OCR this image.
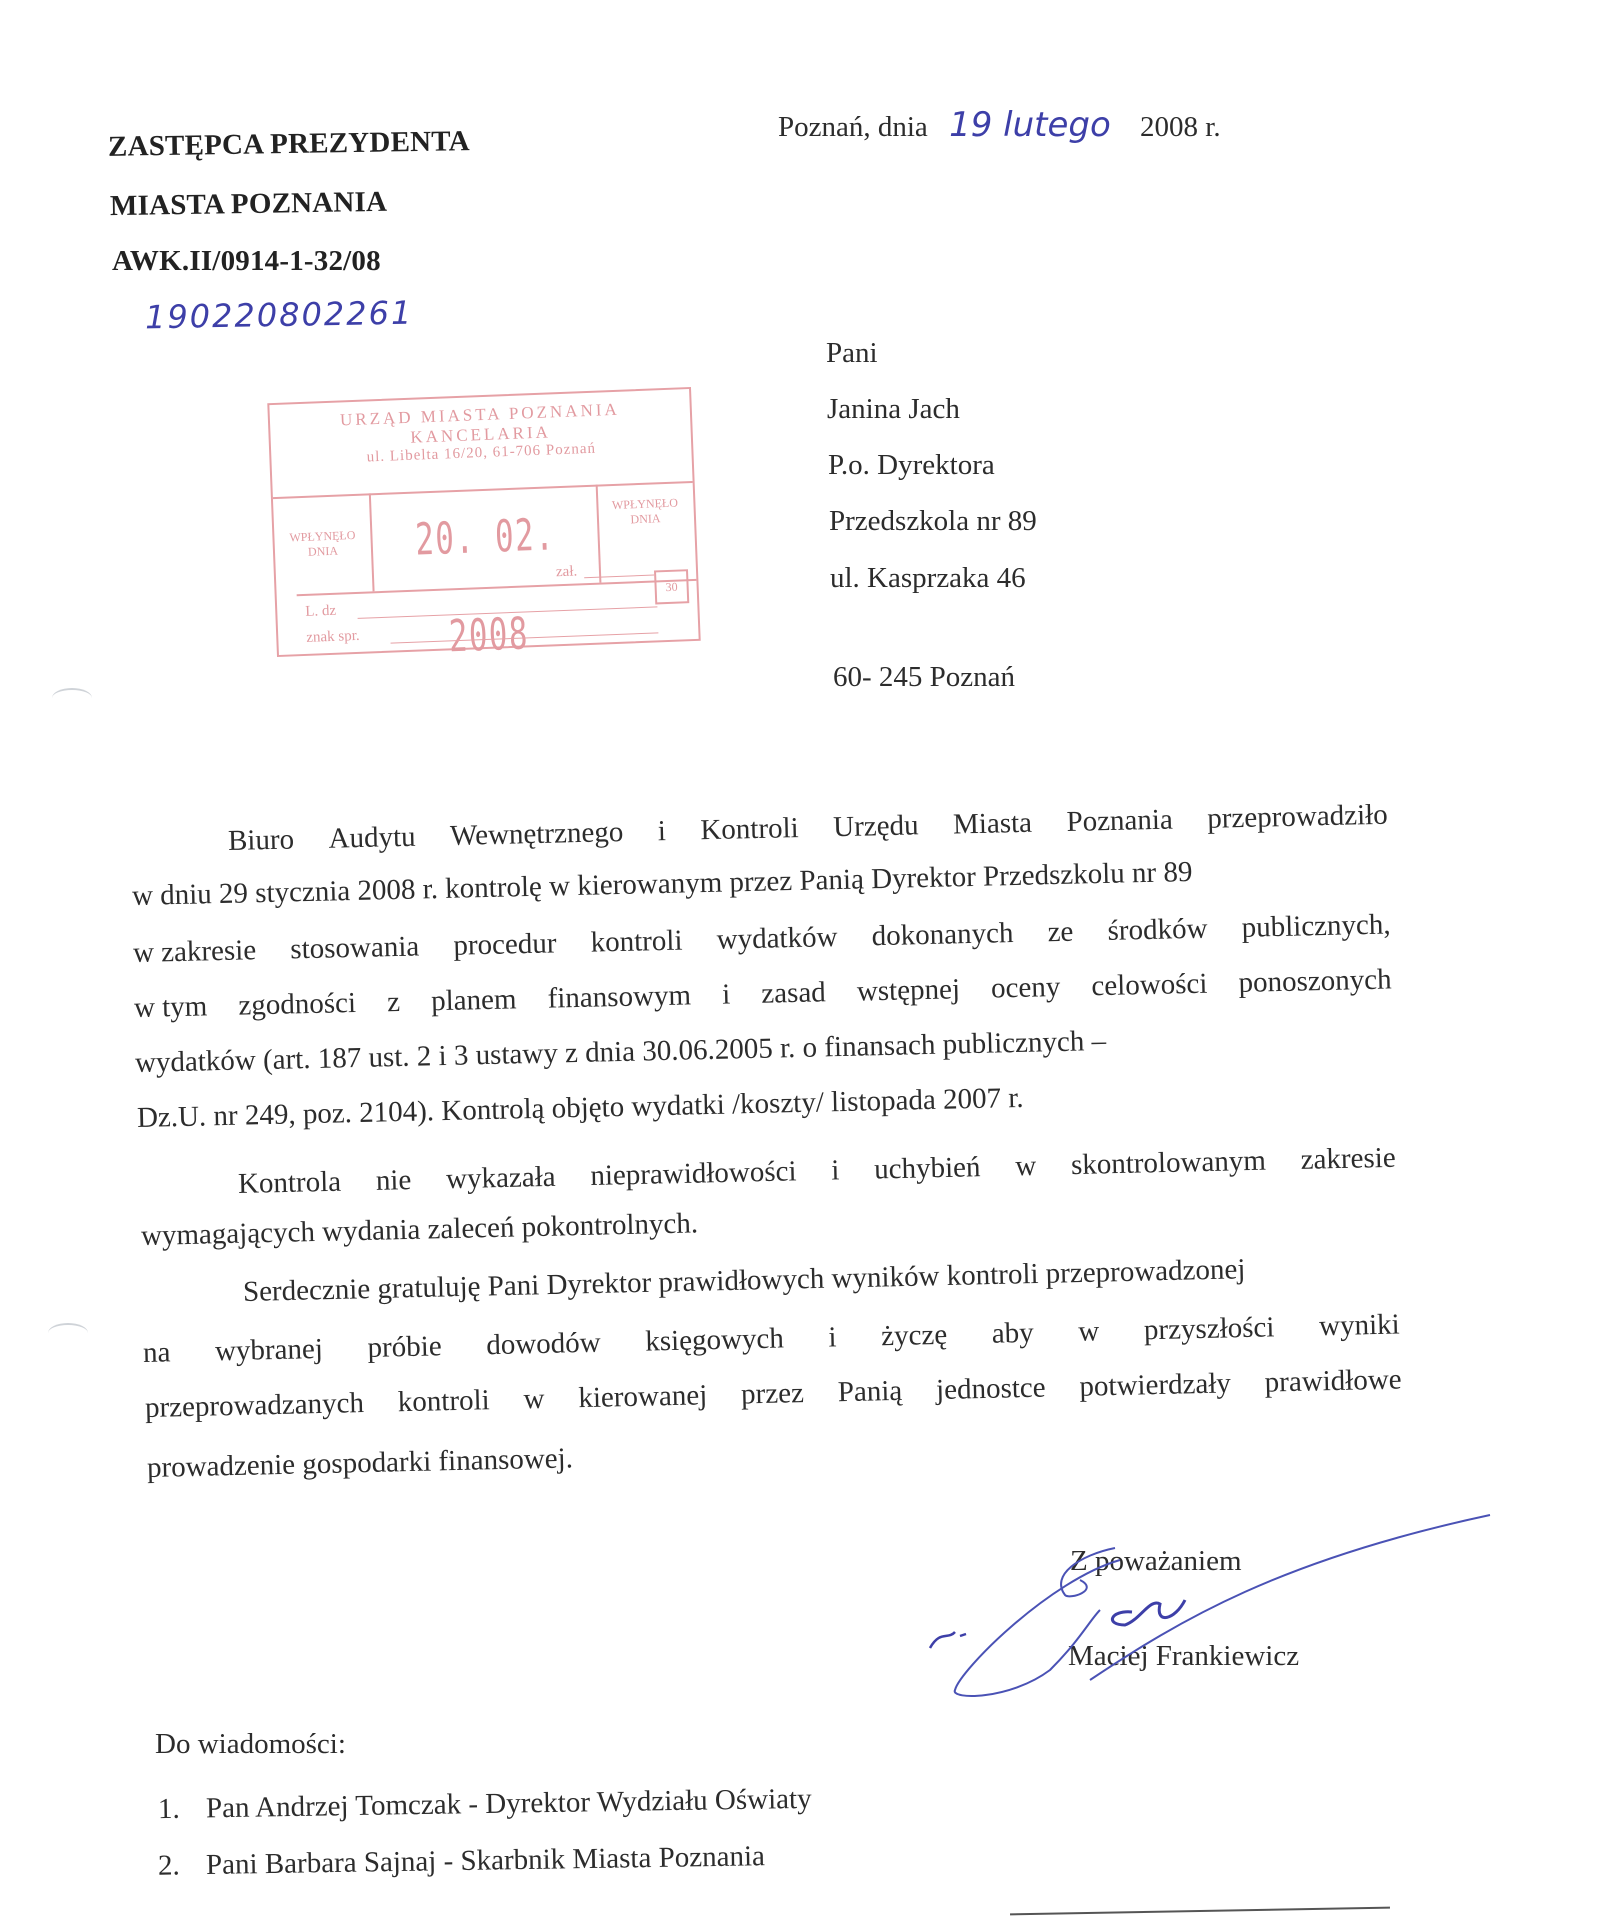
ZASTĘPCA PREZYDENTA
MIASTA POZNANIA
AWK.II/0914-1-32/08
190220802261
Poznań, dnia 19 lutego 2008 r.
URZĄD MIASTA POZNANIA
KANCELARIA
ul. Libelta 16/20, 61-706 Poznań
WPŁYNĘŁO DNIA	20. 02. 2008
WPŁYNĘŁO DNIA
zał.
L. dz
znak spr.
30
Pani
Janina Jach
P.o. Dyrektora
Przedszkola nr 89
ul. Kasprzaka 46
60- 245 Poznań
Biuro Audytu Wewnętrznego i Kontroli Urzędu Miasta Poznania przeprowadziło
w dniu 29 stycznia 2008 r. kontrolę w kierowanym przez Panią Dyrektor Przedszkolu nr 89
w zakresie stosowania procedur kontroli wydatków dokonanych ze środków publicznych,
w tym zgodności z planem finansowym i zasad wstępnej oceny celowości ponoszonych
wydatków (art. 187 ust. 2 i 3 ustawy z dnia 30.06.2005 r. o finansach publicznych –
Dz.U. nr 249, poz. 2104). Kontrolą objęto wydatki /koszty/ listopada 2007 r.
Kontrola nie wykazała nieprawidłowości i uchybień w skontrolowanym zakresie
wymagających wydania zaleceń pokontrolnych.
Serdecznie gratuluję Pani Dyrektor prawidłowych wyników kontroli przeprowadzonej
na wybranej próbie dowodów księgowych i życzę aby w przyszłości wyniki
przeprowadzanych kontroli w kierowanej przez Panią jednostce potwierdzały prawidłowe
prowadzenie gospodarki finansowej.
Z poważaniem
Maciej Frankiewicz
Do wiadomości:
1. Pan Andrzej Tomczak - Dyrektor Wydziału Oświaty
2. Pani Barbara Sajnaj - Skarbnik Miasta Poznania
